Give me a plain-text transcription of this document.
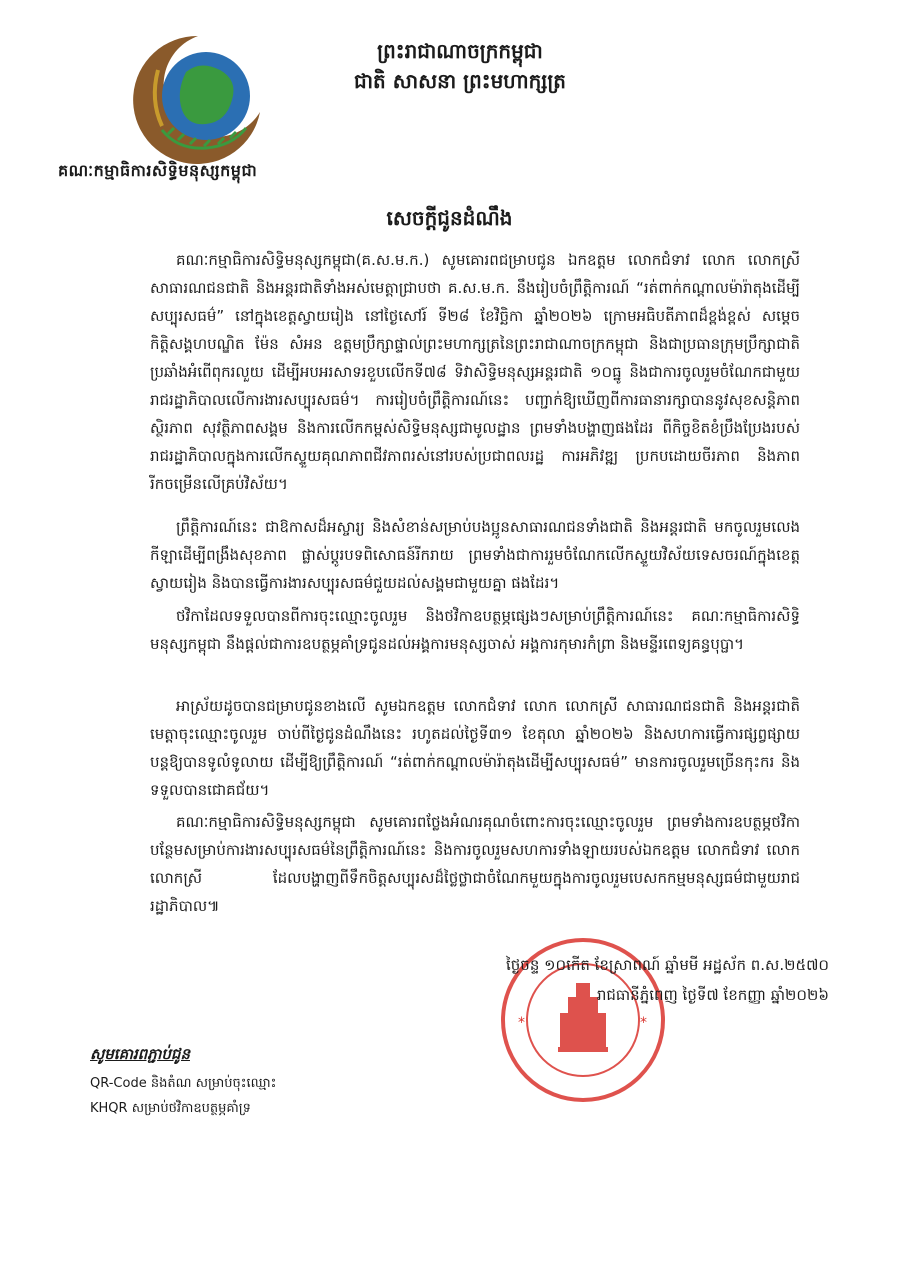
គណៈកម្មាធិការសិទ្ធិមនុស្សកម្ពុជា
ព្រះរាជាណាចក្រកម្ពុជា
ជាតិ សាសនា ព្រះមហាក្សត្រ
សេចក្ដីជូនដំណឹង

គណៈកម្មាធិការសិទ្ធិមនុស្សកម្ពុជា(គ.ស.ម.ក.) សូមគោរពជម្រាបជូន ឯកឧត្ដម លោកជំទាវ លោក លោកស្រី សាធារណជនជាតិ និងអន្តរជាតិទាំងអស់មេត្តាជ្រាបថា គ.ស.ម.ក. នឹងរៀបចំព្រឹត្តិការណ៍ “រត់ពាក់កណ្តាលម៉ារ៉ាតុងដើម្បីសប្បុរសធម៌” នៅក្នុងខេត្តស្វាយរៀង នៅថ្ងៃសៅរ៍ ទី២៨ ខែវិច្ឆិកា ឆ្នាំ២០២៦ ក្រោមអធិបតីភាពដ៏ខ្ពង់ខ្ពស់ សម្តេចកិត្តិសង្គហបណ្ឌិត ម៉ែន សំអន ឧត្តមប្រឹក្សាផ្ទាល់ព្រះមហាក្សត្រនៃព្រះរាជាណាចក្រកម្ពុជា និងជាប្រធានក្រុមប្រឹក្សាជាតិប្រឆាំងអំពើពុករលួយ ដើម្បីអបអរសាទរខួបលើកទី៧៨ ទិវាសិទ្ធិមនុស្សអន្តរជាតិ ១០ធ្នូ និងជាការចូលរួមចំណែកជាមួយរាជរដ្ឋាភិបាលលើការងារសប្បុរសធម៌។ ការរៀបចំព្រឹត្តិការណ៍នេះ បញ្ជាក់ឱ្យឃើញពីការធានារក្សាបាននូវសុខសន្តិភាព ស្ថិរភាព សុវត្ថិភាពសង្គម និងការលើកកម្ពស់សិទ្ធិមនុស្សជាមូលដ្ឋាន ព្រមទាំងបង្ហាញផងដែរ ពីកិច្ចខិតខំប្រឹងប្រែងរបស់រាជរដ្ឋាភិបាលក្នុងការលើកស្ទួយគុណភាពជីវភាពរស់នៅរបស់ប្រជាពលរដ្ឋ ការអភិវឌ្ឍ ប្រកបដោយចីរភាព និងភាពរីកចម្រើនលើគ្រប់វិស័យ។

ព្រឹត្តិការណ៍នេះ ជាឱកាសដ៏អស្ចារ្យ និងសំខាន់សម្រាប់បងប្អូនសាធារណជនទាំងជាតិ និងអន្តរជាតិ មកចូលរួមលេងកីឡាដើម្បីពង្រឹងសុខភាព ផ្លាស់ប្តូរបទពិសោធន៍រីករាយ ព្រមទាំងជាការរួមចំណែកលើកស្ទួយវិស័យទេសចរណ៍ក្នុងខេត្តស្វាយរៀង និងបានធ្វើការងារសប្បុរសធម៌ជួយដល់សង្គមជាមួយគ្នា ផងដែរ។

ថវិកាដែលទទួលបានពីការចុះឈ្មោះចូលរួម និងថវិកាឧបត្ថម្ភផ្សេងៗសម្រាប់ព្រឹត្តិការណ៍នេះ គណៈកម្មាធិការសិទ្ធិមនុស្សកម្ពុជា នឹងផ្តល់ជាការឧបត្ថម្ភគាំទ្រជូនដល់អង្គការមនុស្សចាស់ អង្គការកុមារកំព្រា និងមន្ទីរពេទ្យគន្ធបុប្ផា។

អាស្រ័យដូចបានជម្រាបជូនខាងលើ សូមឯកឧត្តម លោកជំទាវ លោក លោកស្រី សាធារណជនជាតិ និងអន្តរជាតិ មេត្តាចុះឈ្មោះចូលរួម ចាប់ពីថ្ងៃជូនដំណឹងនេះ រហូតដល់ថ្ងៃទី៣១ ខែតុលា ឆ្នាំ២០២៦ និងសហការធ្វើការផ្សព្វផ្សាយបន្តឱ្យបានទូលំទូលាយ ដើម្បីឱ្យព្រឹត្តិការណ៍ “រត់ពាក់កណ្តាលម៉ារ៉ាតុងដើម្បីសប្បុរសធម៌” មានការចូលរួមច្រើនកុះករ និងទទួលបានជោគជ័យ។

គណៈកម្មាធិការសិទ្ធិមនុស្សកម្ពុជា សូមគោរពថ្លែងអំណរគុណចំពោះការចុះឈ្មោះចូលរួម ព្រមទាំងការឧបត្ថម្ភថវិកាបន្ថែមសម្រាប់ការងារសប្បុរសធម៌នៃព្រឹត្តិការណ៍នេះ និងការចូលរួមសហការទាំងឡាយរបស់ឯកឧត្តម លោកជំទាវ លោក លោកស្រី ដែលបង្ហាញពីទឹកចិត្តសប្បុរសដ៏ថ្លៃថ្លាជាចំណែកមួយក្នុងការចូលរួមបេសកកម្មមនុស្សធម៌ជាមួយរាជរដ្ឋាភិបាល៕

*	*
ថ្ងៃចន្ទ ១០កើត ខែស្រាពណ៍ ឆ្នាំមមី អដ្ឋស័ក ព.ស.២៥៧០
រាជធានីភ្នំពេញ ថ្ងៃទី៧ ខែកញ្ញា ឆ្នាំ២០២៦
សូមគោរពភ្ជាប់ជូន
QR-Code និងតំណ សម្រាប់ចុះឈ្មោះ
KHQR សម្រាប់ថវិកាឧបត្ថម្ភគាំទ្រ
